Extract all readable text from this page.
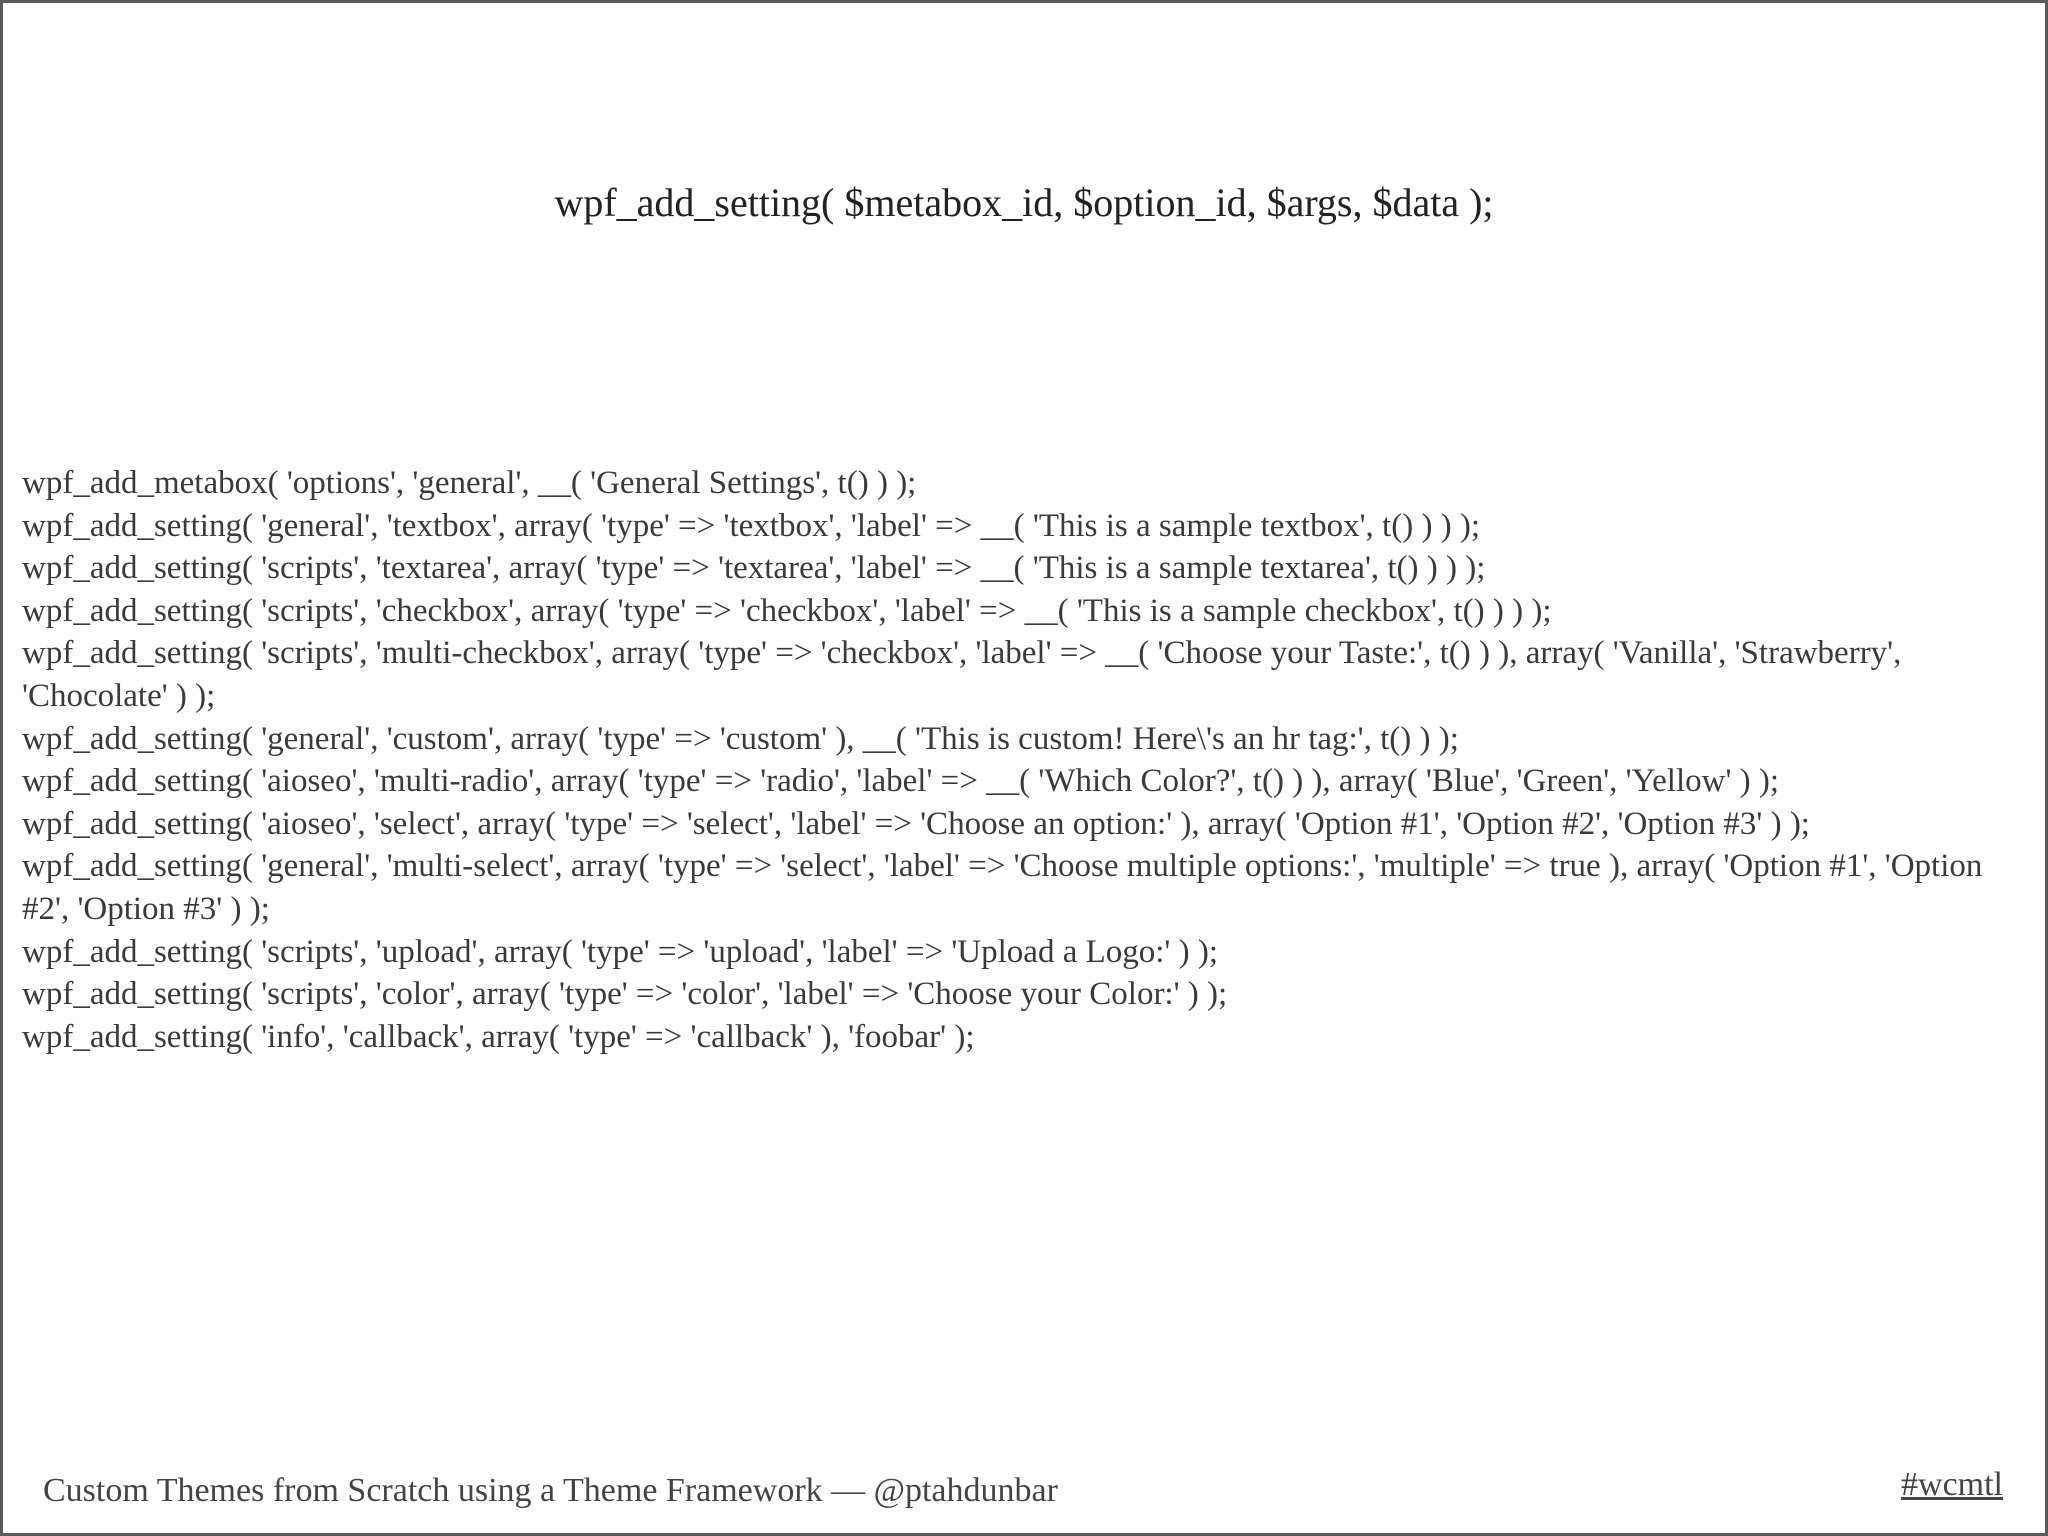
wpf_add_setting( $metabox_id, $option_id, $args, $data );
wpf_add_metabox( 'options', 'general', __( 'General Settings', t() ) );
wpf_add_setting( 'general', 'textbox', array( 'type' => 'textbox', 'label' => __( 'This is a sample textbox', t() ) ) );
wpf_add_setting( 'scripts', 'textarea', array( 'type' => 'textarea', 'label' => __( 'This is a sample textarea', t() ) ) );
wpf_add_setting( 'scripts', 'checkbox', array( 'type' => 'checkbox', 'label' => __( 'This is a sample checkbox', t() ) ) );
wpf_add_setting( 'scripts', 'multi-checkbox', array( 'type' => 'checkbox', 'label' => __( 'Choose your Taste:', t() ) ), array( 'Vanilla', 'Strawberry', 'Chocolate' ) );
wpf_add_setting( 'general', 'custom', array( 'type' => 'custom' ), __( 'This is custom! Here\'s an hr tag:', t() ) );
wpf_add_setting( 'aioseo', 'multi-radio', array( 'type' => 'radio', 'label' => __( 'Which Color?', t() ) ), array( 'Blue', 'Green', 'Yellow' ) );
wpf_add_setting( 'aioseo', 'select', array( 'type' => 'select', 'label' => 'Choose an option:' ), array( 'Option #1', 'Option #2', 'Option #3' ) );
wpf_add_setting( 'general', 'multi-select', array( 'type' => 'select', 'label' => 'Choose multiple options:', 'multiple' => true ), array( 'Option #1', 'Option #2', 'Option #3' ) );
wpf_add_setting( 'scripts', 'upload', array( 'type' => 'upload', 'label' => 'Upload a Logo:' ) );
wpf_add_setting( 'scripts', 'color', array( 'type' => 'color', 'label' => 'Choose your Color:' ) );
wpf_add_setting( 'info', 'callback', array( 'type' => 'callback' ), 'foobar' );
Custom Themes from Scratch using a Theme Framework — @ptahdunbar	#wcmtl
